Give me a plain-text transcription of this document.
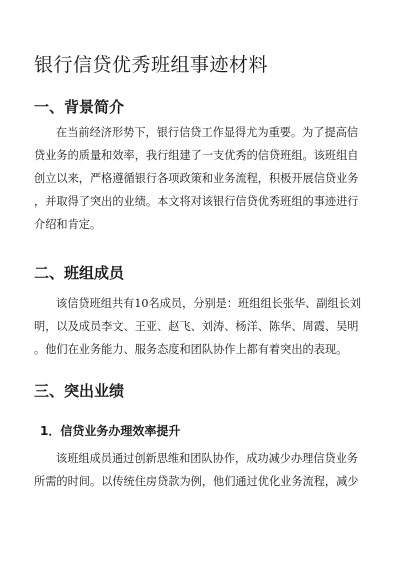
银行信贷优秀班组事迹材料
一、背景简介

在当前经济形势下，银行信贷工作显得尤为重要。为了提高信
贷业务的质量和效率，我行组建了一支优秀的信贷班组。该班组自
创立以来，严格遵循银行各项政策和业务流程，积极开展信贷业务
，并取得了突出的业绩。本文将对该银行信贷优秀班组的事迹进行
介绍和肯定。

二、班组成员

该信贷班组共有10名成员，分别是：班组组长张华、副组长刘
明，以及成员李文、王亚、赵飞、刘涛、杨洋、陈华、周霞、吴明
。他们在业务能力、服务态度和团队协作上都有着突出的表现。

三、突出业绩
1．信贷业务办理效率提升

该班组成员通过创新思维和团队协作，成功减少办理信贷业务
所需的时间。以传统住房贷款为例，他们通过优化业务流程，减少
